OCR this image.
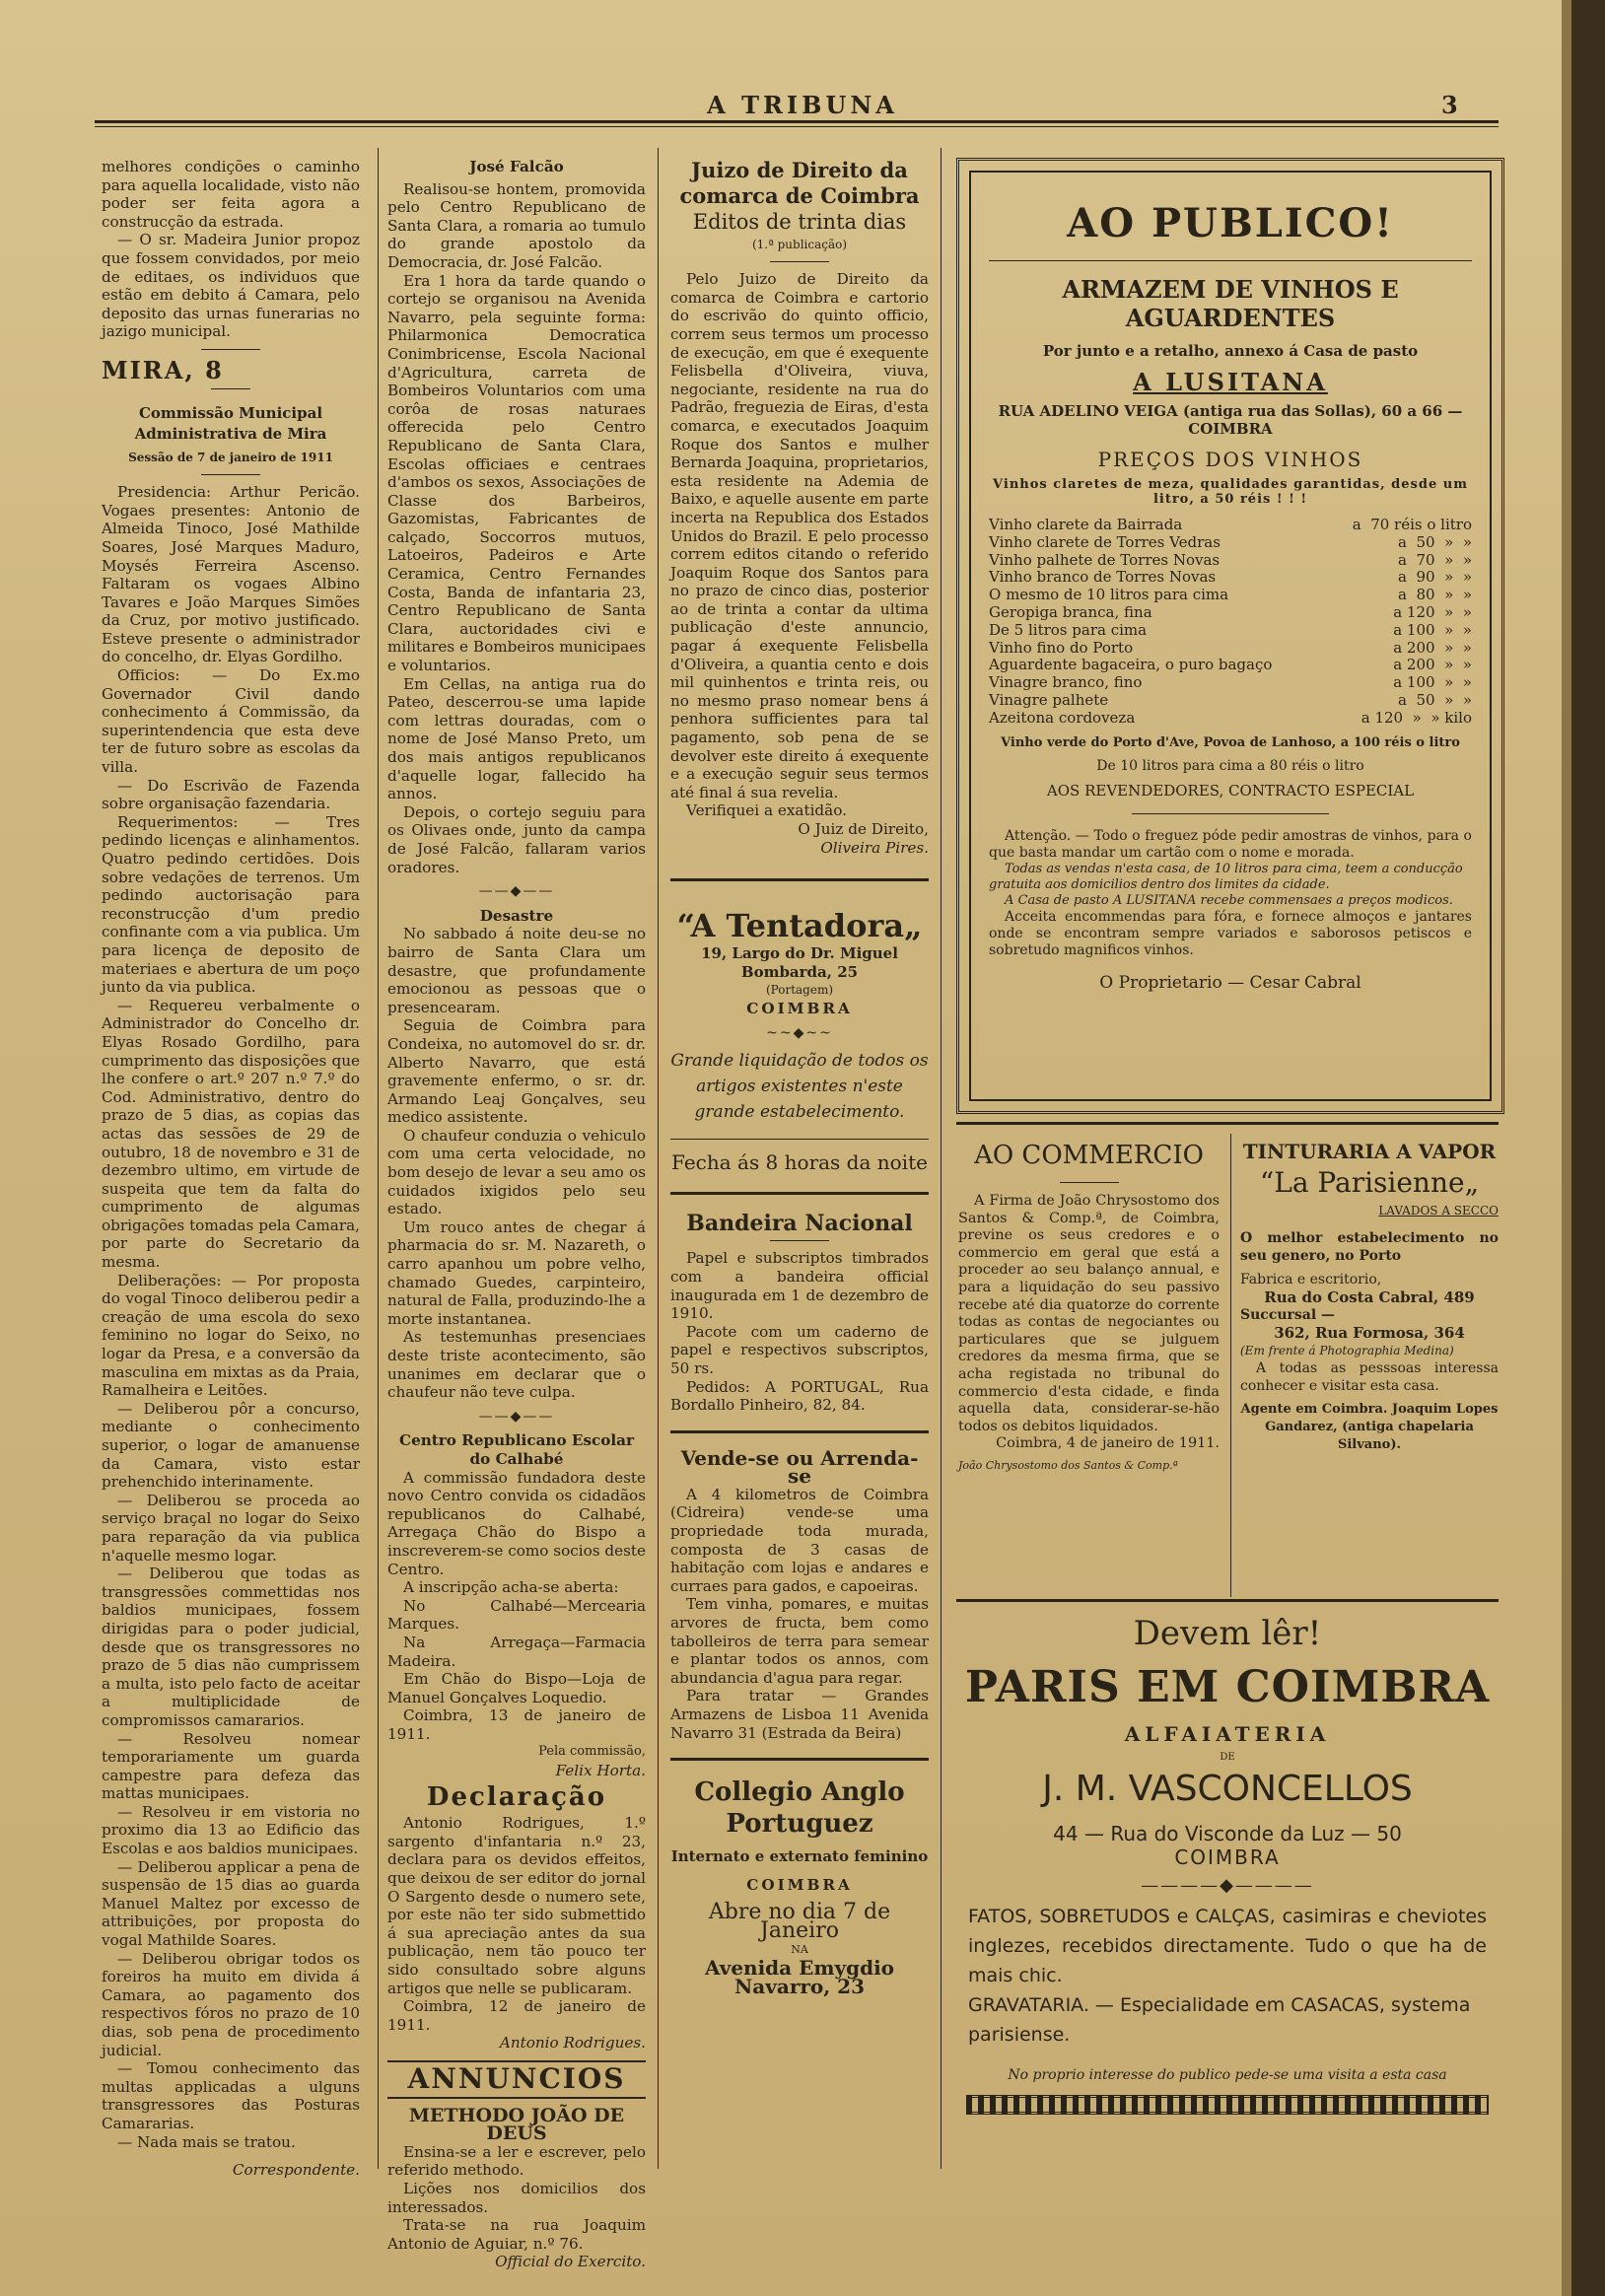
A TRIBUNA	3

melhores condições o caminho para aquella localidade, visto não poder ser feita agora a construcção da estrada.

— O sr. Madeira Junior propoz que fossem convidados, por meio de editaes, os individuos que estão em debito á Camara, pelo deposito das urnas funerarias no jazigo municipal.

MIRA, 8
Commissão Municipal Administrativa de Mira
Sessão de 7 de janeiro de 1911

Presidencia: Arthur Pericão. Vogaes presentes: Antonio de Almeida Tinoco, José Mathilde Soares, José Marques Maduro, Moysés Ferreira Ascenso. Faltaram os vogaes Albino Tavares e João Marques Simões da Cruz, por motivo justificado. Esteve presente o administrador do concelho, dr. Elyas Gordilho.

Officios: — Do Ex.mo Governador Civil dando conhecimento á Commissão, da superintendencia que esta deve ter de futuro sobre as escolas da villa.

— Do Escrivão de Fazenda sobre organisação fazendaria.

Requerimentos: — Tres pedindo licenças e alinhamentos. Quatro pedindo certidões. Dois sobre vedações de terrenos. Um pedindo auctorisação para reconstrucção d'um predio confinante com a via publica. Um para licença de deposito de materiaes e abertura de um poço junto da via publica.

— Requereu verbalmente o Administrador do Concelho dr. Elyas Rosado Gordilho, para cumprimento das disposições que lhe confere o art.º 207 n.º 7.º do Cod. Administrativo, dentro do prazo de 5 dias, as copias das actas das sessões de 29 de outubro, 18 de novembro e 31 de dezembro ultimo, em virtude de suspeita que tem da falta do cumprimento de algumas obrigações tomadas pela Camara, por parte do Secretario da mesma.

Deliberações: — Por proposta do vogal Tinoco deliberou pedir a creação de uma escola do sexo feminino no logar do Seixo, no logar da Presa, e a conversão da masculina em mixtas as da Praia, Ramalheira e Leitões.

— Deliberou pôr a concurso, mediante o conhecimento superior, o logar de amanuense da Camara, visto estar prehenchido interinamente.

— Deliberou se proceda ao serviço braçal no logar do Seixo para reparação da via publica n'aquelle mesmo logar.

— Deliberou que todas as transgressões commettidas nos baldios municipaes, fossem dirigidas para o poder judicial, desde que os transgressores no prazo de 5 dias não cumprissem a multa, isto pelo facto de aceitar a multiplicidade de compromissos camararios.

— Resolveu nomear temporariamente um guarda campestre para defeza das mattas municipaes.

— Resolveu ir em vistoria no proximo dia 13 ao Edificio das Escolas e aos baldios municipaes.

— Deliberou applicar a pena de suspensão de 15 dias ao guarda Manuel Maltez por excesso de attribuições, por proposta do vogal Mathilde Soares.

— Deliberou obrigar todos os foreiros ha muito em divida á Camara, ao pagamento dos respectivos fóros no prazo de 10 dias, sob pena de procedimento judicial.

— Tomou conhecimento das multas applicadas a ulguns transgressores das Posturas Camararias.

— Nada mais se tratou.

Correspondente.
José Falcão

Realisou-se hontem, promovida pelo Centro Republicano de Santa Clara, a romaria ao tumulo do grande apostolo da Democracia, dr. José Falcão.

Era 1 hora da tarde quando o cortejo se organisou na Avenida Navarro, pela seguinte forma: Philarmonica Democratica Conimbricense, Escola Nacional d'Agricultura, carreta de Bombeiros Voluntarios com uma corôa de rosas naturaes offerecida pelo Centro Republicano de Santa Clara, Escolas officiaes e centraes d'ambos os sexos, Associações de Classe dos Barbeiros, Gazomistas, Fabricantes de calçado, Soccorros mutuos, Latoeiros, Padeiros e Arte Ceramica, Centro Fernandes Costa, Banda de infantaria 23, Centro Republicano de Santa Clara, auctoridades civi e militares e Bombeiros municipaes e voluntarios.

Em Cellas, na antiga rua do Pateo, descerrou-se uma lapide com lettras douradas, com o nome de José Manso Preto, um dos mais antigos republicanos d'aquelle logar, fallecido ha annos.

Depois, o cortejo seguiu para os Olivaes onde, junto da campa de José Falcão, fallaram varios oradores.

——◆——
Desastre

No sabbado á noite deu-se no bairro de Santa Clara um desastre, que profundamente emocionou as pessoas que o presencearam.

Seguia de Coimbra para Condeixa, no automovel do sr. dr. Alberto Navarro, que está gravemente enfermo, o sr. dr. Armando Leaj Gonçalves, seu medico assistente.

O chaufeur conduzia o vehiculo com uma certa velocidade, no bom desejo de levar a seu amo os cuidados ixigidos pelo seu estado.

Um rouco antes de chegar á pharmacia do sr. M. Nazareth, o carro apanhou um pobre velho, chamado Guedes, carpinteiro, natural de Falla, produzindo-lhe a morte instantanea.

As testemunhas presenciaes deste triste acontecimento, são unanimes em declarar que o chaufeur não teve culpa.

——◆——
Centro Republicano Escolar do Calhabé

A commissão fundadora deste novo Centro convida os cidadãos republicanos do Calhabé, Arregaça Chão do Bispo a inscreverem-se como socios deste Centro.

A inscripção acha-se aberta:

No Calhabé—Mercearia Marques.

Na Arregaça—Farmacia Madeira.

Em Chão do Bispo—Loja de Manuel Gonçalves Loquedio.

Coimbra, 13 de janeiro de 1911.

Pela commissão,
Felix Horta.
Declaração

Antonio Rodrigues, 1.º sargento d'infantaria n.º 23, declara para os devidos effeitos, que deixou de ser editor do jornal O Sargento desde o numero sete, por este não ter sido submettido á sua apreciação antes da sua publicação, nem tão pouco ter sido consultado sobre alguns artigos que nelle se publicaram.

Coimbra, 12 de janeiro de 1911.

Antonio Rodrigues.
ANNUNCIOS
METHODO JOÃO DE DEUS

Ensina-se a ler e escrever, pelo referido methodo.

Lições nos domicilios dos interessados.

Trata-se na rua Joaquim Antonio de Aguiar, n.º 76.

Official do Exercito.
Juizo de Direito da comarca de Coimbra
Editos de trinta dias
(1.ª publicação)

Pelo Juizo de Direito da comarca de Coimbra e cartorio do escrivão do quinto officio, correm seus termos um processo de execução, em que é exequente Felisbella d'Oliveira, viuva, negociante, residente na rua do Padrão, freguezia de Eiras, d'esta comarca, e executados Joaquim Roque dos Santos e mulher Bernarda Joaquina, proprietarios, esta residente na Ademia de Baixo, e aquelle ausente em parte incerta na Republica dos Estados Unidos do Brazil. E pelo processo correm editos citando o referido Joaquim Roque dos Santos para no prazo de cinco dias, posterior ao de trinta a contar da ultima publicação d'este annuncio, pagar á exequente Felisbella d'Oliveira, a quantia cento e dois mil quinhentos e trinta reis, ou no mesmo praso nomear bens á penhora sufficientes para tal pagamento, sob pena de se devolver este direito á exequente e a execução seguir seus termos até final á sua revelia.

Verifiquei a exatidão.

O Juiz de Direito,
Oliveira Pires.
“A Tentadora„
19, Largo do Dr. Miguel Bombarda, 25
(Portagem)
COIMBRA
~~◆~~
Grande liquidação de todos os artigos existentes n'este grande estabelecimento.
Fecha ás 8 horas da noite
Bandeira Nacional

Papel e subscriptos timbrados com a bandeira official inaugurada em 1 de dezembro de 1910.

Pacote com um caderno de papel e respectivos subscriptos, 50 rs.

Pedidos: A PORTUGAL, Rua Bordallo Pinheiro, 82, 84.

Vende-se ou Arrenda-se

A 4 kilometros de Coimbra (Cidreira) vende-se uma propriedade toda murada, composta de 3 casas de habitação com lojas e andares e curraes para gados, e capoeiras.

Tem vinha, pomares, e muitas arvores de fructa, bem como tabolleiros de terra para semear e plantar todos os annos, com abundancia d'agua para regar.

Para tratar — Grandes Armazens de Lisboa 11 Avenida Navarro 31 (Estrada da Beira)

Collegio Anglo Portuguez
Internato e externato feminino
COIMBRA
Abre no dia 7 de Janeiro
NA
Avenida Emygdio Navarro, 23
AO PUBLICO!
ARMAZEM DE VINHOS E AGUARDENTES
Por junto e a retalho, annexo á Casa de pasto
A LUSITANA
RUA ADELINO VEIGA (antiga rua das Sollas), 60 a 66 — COIMBRA
PREÇOS DOS VINHOS
Vinhos claretes de meza, qualidades garantidas, desde um litro, a 50 réis ! ! !
Vinho clarete da Bairrada	a  70 réis o litro
Vinho clarete de Torres Vedras	a  50  »  »
Vinho palhete de Torres Novas	a  70  »  »
Vinho branco de Torres Novas	a  90  »  »
O mesmo de 10 litros para cima	a  80  »  »
Geropiga branca, fina	a 120  »  »
De 5 litros para cima	a 100  »  »
Vinho fino do Porto	a 200  »  »
Aguardente bagaceira, o puro bagaço	a 200  »  »
Vinagre branco, fino	a 100  »  »
Vinagre palhete	a  50  »  »
Azeitona cordoveza	a 120  »  » kilo
Vinho verde do Porto d'Ave, Povoa de Lanhoso, a 100 réis o litro
De 10 litros para cima a 80 réis o litro
AOS REVENDEDORES, CONTRACTO ESPECIAL

Attenção. — Todo o freguez póde pedir amostras de vinhos, para o que basta mandar um cartão com o nome e morada.

Todas as vendas n'esta casa, de 10 litros para cima, teem a conducção gratuita aos domicilios dentro dos limites da cidade.

A Casa de pasto A LUSITANA recebe commensaes a preços modicos.

Acceita encommendas para fóra, e fornece almoços e jantares onde se encontram sempre variados e saborosos petiscos e sobretudo magnificos vinhos.

O Proprietario — Cesar Cabral
AO COMMERCIO

A Firma de João Chrysostomo dos Santos & Comp.ª, de Coimbra, previne os seus credores e o commercio em geral que está a proceder ao seu balanço annual, e para a liquidação do seu passivo recebe até dia quatorze do corrente todas as contas de negociantes ou particulares que se julguem credores da mesma firma, que se acha registada no tribunal do commercio d'esta cidade, e finda aquella data, considerar-se-hão todos os debitos liquidados.

Coimbra, 4 de janeiro de 1911.

João Chrysostomo dos Santos & Comp.ª
TINTURARIA A VAPOR
“La Parisienne„
LAVADOS A SECCO
O melhor estabelecimento no seu genero, no Porto
Fabrica e escritorio,
Rua do Costa Cabral, 489
Succursal —
362, Rua Formosa, 364
(Em frente á Photographia Medina)

A todas as pesssoas interessa conhecer e visitar esta casa.

Agente em Coimbra. Joaquim Lopes Gandarez, (antiga chapelaria Silvano).
Devem lêr!
PARIS EM COIMBRA
ALFAIATERIA
DE
J. M. VASCONCELLOS
44 — Rua do Visconde da Luz — 50
COIMBRA
————◆————
FATOS, SOBRETUDOS e CALÇAS, casimiras e cheviotes inglezes, recebidos directamente. Tudo o que ha de mais chic.
GRAVATARIA. — Especialidade em CASACAS, systema parisiense.
No proprio interesse do publico pede-se uma visita a esta casa
